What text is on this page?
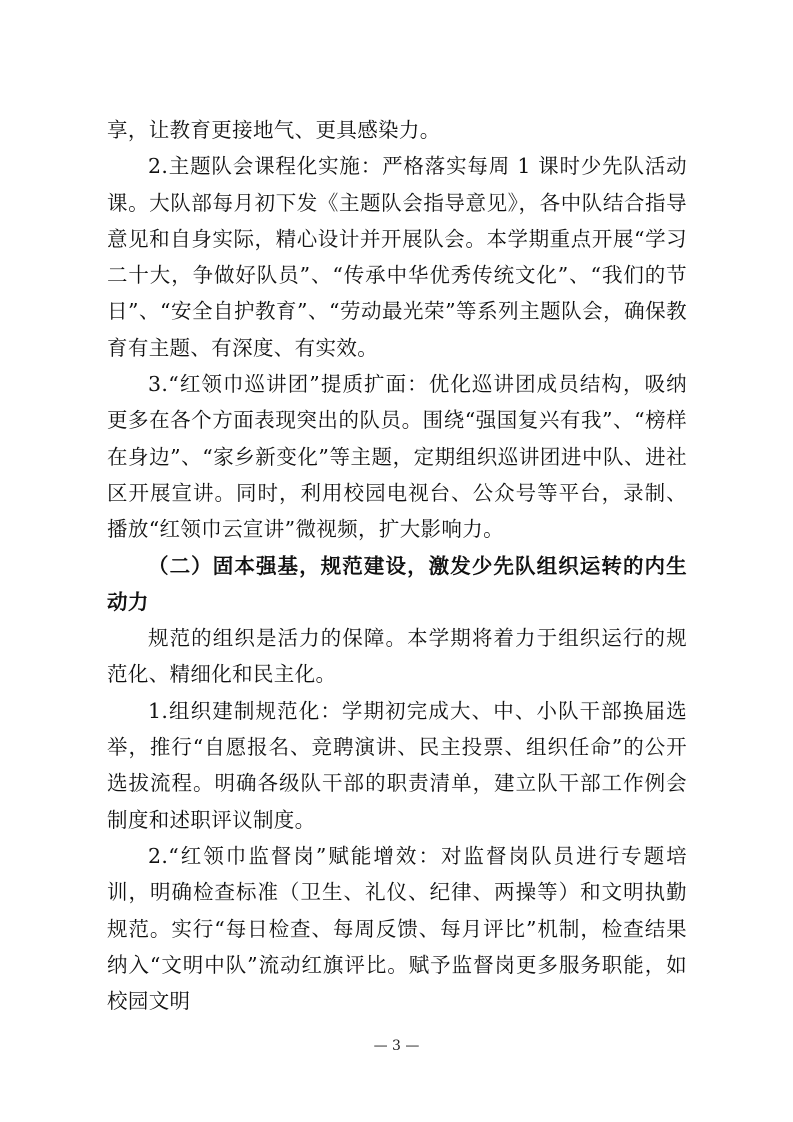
享，让教育更接地气、更具感染力。

2.主题队会课程化实施：严格落实每周 1 课时少先队活动课。大队部每月初下发《主题队会指导意见》，各中队结合指导意见和自身实际，精心设计并开展队会。本学期重点开展“学习二十大，争做好队员”、“传承中华优秀传统文化”、“我们的节日”、“安全自护教育”、“劳动最光荣”等系列主题队会，确保教育有主题、有深度、有实效。

3.“红领巾巡讲团”提质扩面：优化巡讲团成员结构，吸纳更多在各个方面表现突出的队员。围绕“强国复兴有我”、“榜样在身边”、“家乡新变化”等主题，定期组织巡讲团进中队、进社区开展宣讲。同时，利用校园电视台、公众号等平台，录制、播放“红领巾云宣讲”微视频，扩大影响力。

（二）固本强基，规范建设，激发少先队组织运转的内生动力

规范的组织是活力的保障。本学期将着力于组织运行的规范化、精细化和民主化。

1.组织建制规范化：学期初完成大、中、小队干部换届选举，推行“自愿报名、竞聘演讲、民主投票、组织任命”的公开选拔流程。明确各级队干部的职责清单，建立队干部工作例会制度和述职评议制度。

2.“红领巾监督岗”赋能增效：对监督岗队员进行专题培训，明确检查标准（卫生、礼仪、纪律、两操等）和文明执勤规范。实行“每日检查、每周反馈、每月评比”机制，检查结果纳入“文明中队”流动红旗评比。赋予监督岗更多服务职能，如校园文明

— 3 —
